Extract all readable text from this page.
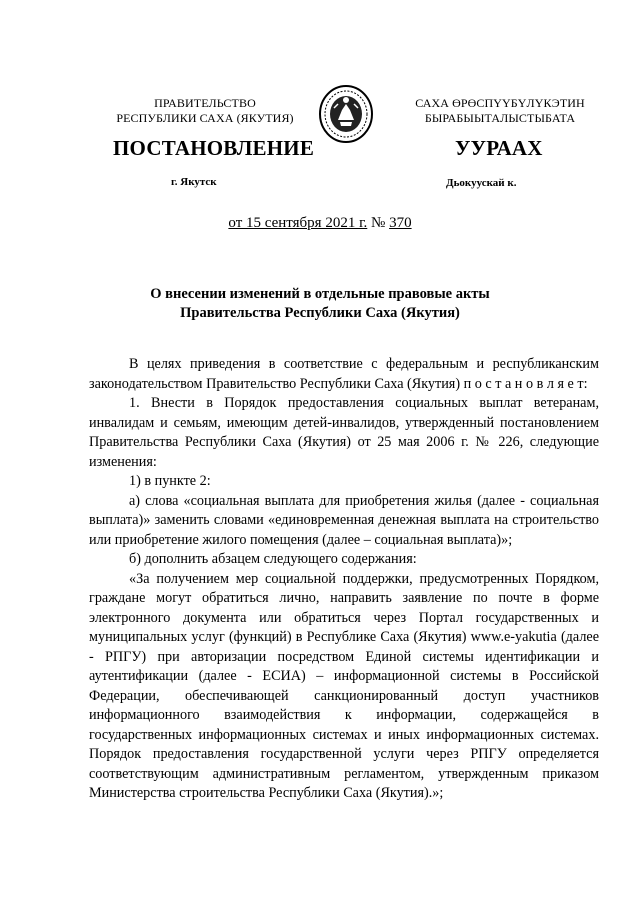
ПРАВИТЕЛЬСТВО
РЕСПУБЛИКИ САХА (ЯКУТИЯ)
САХА ӨРӨСПYYБYЛYКЭТИН
БЫРАБЫЫТАЛЫСТЫБАТА
ПОСТАНОВЛЕНИЕ	УУРААХ
г. Якутск	Дьокуускай к.
от 15 сентября 2021 г. № 370
О внесении изменений в отдельные правовые акты
Правительства Республики Саха (Якутия)

В целях приведения в соответствие с федеральным и республиканским законодательством Правительство Республики Саха (Якутия) п о с т а н о в л я е т:

1. Внести в Порядок предоставления социальных выплат ветеранам, инвалидам и семьям, имеющим детей-инвалидов, утвержденный постановлением Правительства Республики Саха (Якутия) от 25 мая 2006 г. № 226, следующие изменения:

1) в пункте 2:

а) слова «социальная выплата для приобретения жилья (далее - социальная выплата)» заменить словами «единовременная денежная выплата на строительство или приобретение жилого помещения (далее – социальная выплата)»;

б) дополнить абзацем следующего содержания:

«За получением мер социальной поддержки, предусмотренных Порядком, граждане могут обратиться лично, направить заявление по почте в форме электронного документа или обратиться через Портал государственных и муниципальных услуг (функций) в Республике Саха (Якутия) www.e-yakutia (далее - РПГУ) при авторизации посредством Единой системы идентификации и аутентификации (далее - ЕСИА) – информационной системы в Российской Федерации, обеспечивающей санкционированный доступ участников информационного взаимодействия к информации, содержащейся в государственных информационных системах и иных информационных системах. Порядок предоставления государственной услуги через РПГУ определяется соответствующим административным регламентом, утвержденным приказом Министерства строительства Республики Саха (Якутия).»;
